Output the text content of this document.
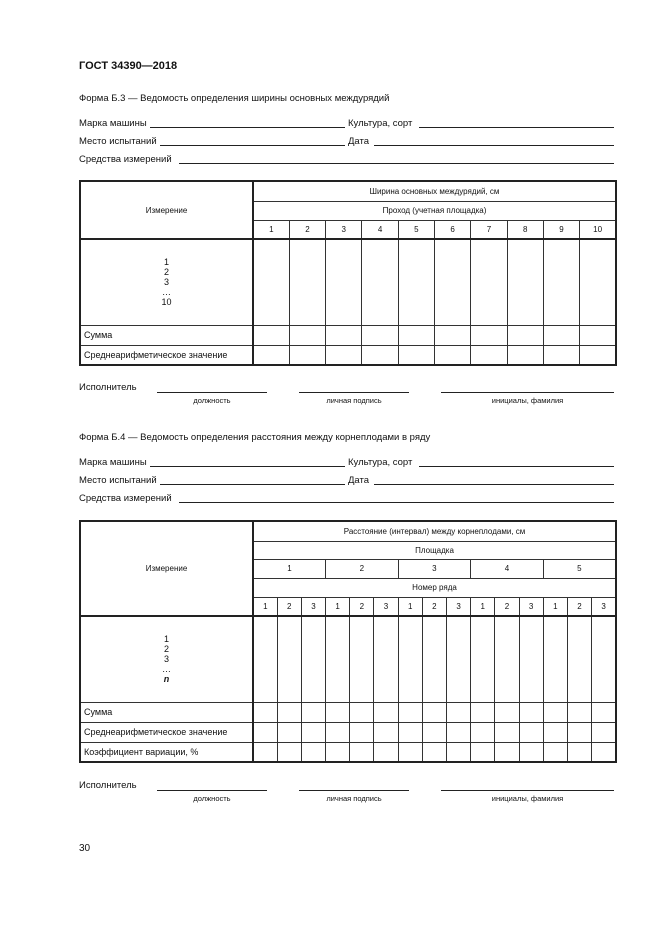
ГОСТ 34390—2018
Форма Б.3 — Ведомость определения ширины основных междурядий
Марка машины	Культура, сорт
Место испытаний	Дата
Средства измерений
Измерение	Ширина основных междурядий, см									
	Проход (учетная площадка)									
	1	2	3	4	5	6	7	8	9	10

1
2
3
…
10										

Сумма										
Среднеарифметическое значение										
Исполнитель
должность	личная подпись	инициалы, фамилия
Форма Б.4 — Ведомость определения расстояния между корнеплодами в ряду
Марка машины	Культура, сорт
Место испытаний	Дата
Средства измерений
Измерение	Расстояние (интервал) между корнеплодами, см														
	Площадка														
	1			2			3			4			5		
	Номер ряда														
	1	2	3	1	2	3	1	2	3	1	2	3	1	2	3

1
2
3
…
n															

Сумма															
Среднеарифметическое значение															
Коэффициент вариации, %															
Исполнитель
должность	личная подпись	инициалы, фамилия
30
